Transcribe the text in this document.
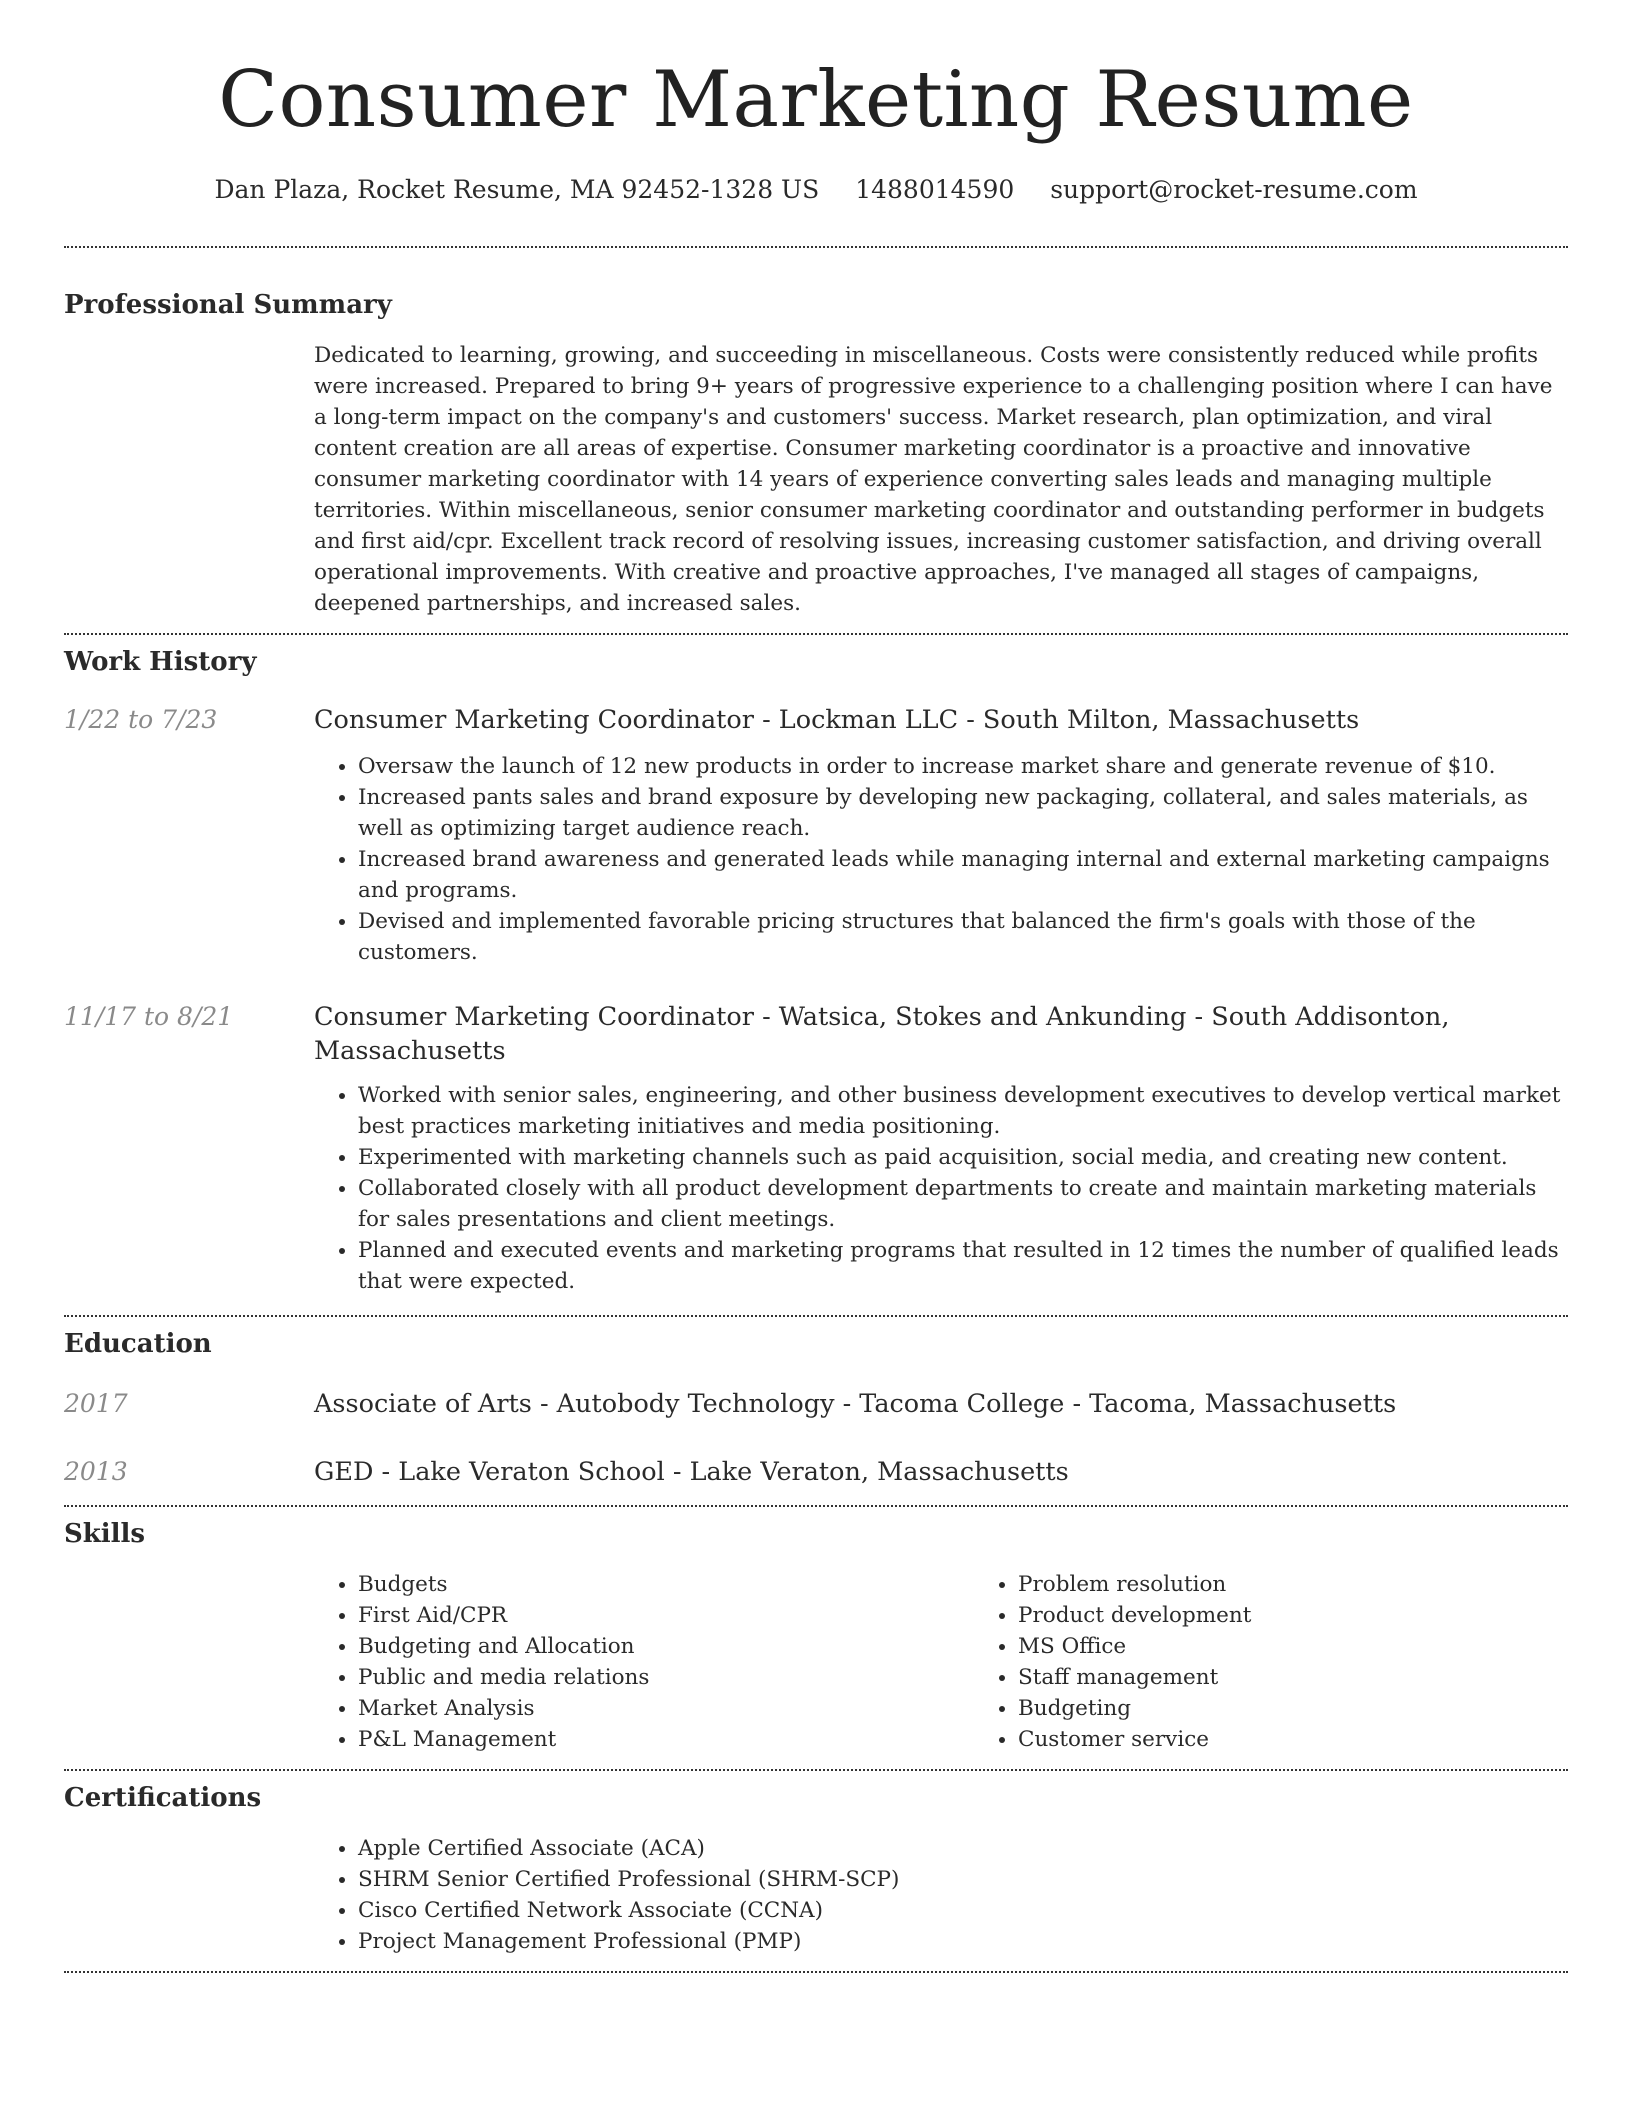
Consumer Marketing Resume
Dan Plaza, Rocket Resume, MA 92452-1328 US 1488014590 support@rocket-resume.com
Professional Summary

Dedicated to learning, growing, and succeeding in miscellaneous. Costs were consistently reduced while profits were increased. Prepared to bring 9+ years of progressive experience to a challenging position where I can have a long-term impact on the company's and customers' success. Market research, plan optimization, and viral content creation are all areas of expertise. Consumer marketing coordinator is a proactive and innovative consumer marketing coordinator with 14 years of experience converting sales leads and managing multiple territories. Within miscellaneous, senior consumer marketing coordinator and outstanding performer in budgets and first aid/cpr. Excellent track record of resolving issues, increasing customer satisfaction, and driving overall operational improvements. With creative and proactive approaches, I've managed all stages of campaigns, deepened partnerships, and increased sales.

Work History
1/22 to 7/23	Consumer Marketing Coordinator - Lockman LLC - South Milton, Massachusetts
• Oversaw the launch of 12 new products in order to increase market share and generate revenue of $10.
• Increased pants sales and brand exposure by developing new packaging, collateral, and sales materials, as well as optimizing target audience reach.
• Increased brand awareness and generated leads while managing internal and external marketing campaigns and programs.
• Devised and implemented favorable pricing structures that balanced the firm's goals with those of the customers.
11/17 to 8/21	Consumer Marketing Coordinator - Watsica, Stokes and Ankunding - South Addisonton, Massachusetts
• Worked with senior sales, engineering, and other business development executives to develop vertical market best practices marketing initiatives and media positioning.
• Experimented with marketing channels such as paid acquisition, social media, and creating new content.
• Collaborated closely with all product development departments to create and maintain marketing materials for sales presentations and client meetings.
• Planned and executed events and marketing programs that resulted in 12 times the number of qualified leads that were expected.
Education
2017	Associate of Arts - Autobody Technology - Tacoma College - Tacoma, Massachusetts
2013	GED - Lake Veraton School - Lake Veraton, Massachusetts
Skills
• Budgets
• First Aid/CPR
• Budgeting and Allocation
• Public and media relations
• Market Analysis
• P&L Management
• Problem resolution
• Product development
• MS Office
• Staff management
• Budgeting
• Customer service
Certifications
• Apple Certified Associate (ACA)
• SHRM Senior Certified Professional (SHRM-SCP)
• Cisco Certified Network Associate (CCNA)
• Project Management Professional (PMP)
